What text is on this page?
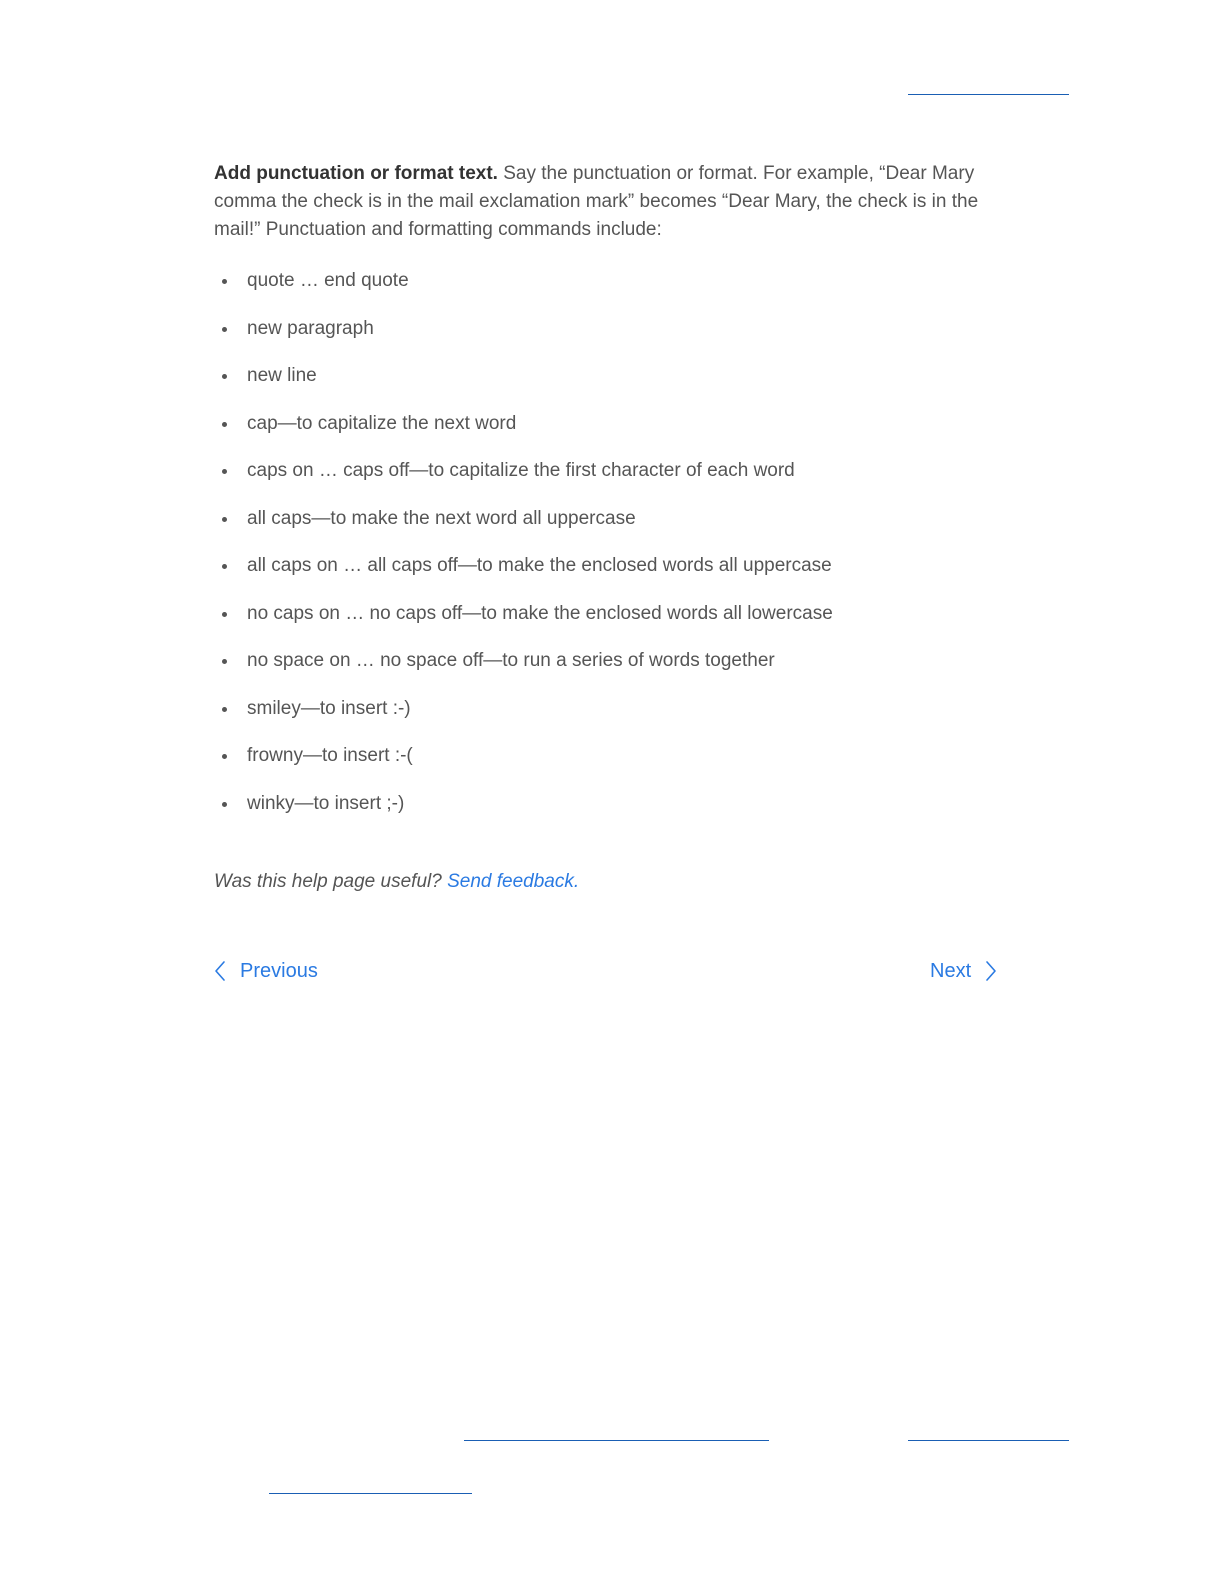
Add punctuation or format text. Say the punctuation or format. For example, “Dear Mary comma the check is in the mail exclamation mark” becomes “Dear Mary, the check is in the mail!” Punctuation and formatting commands include:

quote … end quote
new paragraph
new line
cap—to capitalize the next word
caps on … caps off—to capitalize the first character of each word
all caps—to make the next word all uppercase
all caps on … all caps off—to make the enclosed words all uppercase
no caps on … no caps off—to make the enclosed words all lowercase
no space on … no space off—to run a series of words together
smiley—to insert :-)
frowny—to insert :-(
winky—to insert ;-)
Was this help page useful? Send feedback.
Previous	Next
